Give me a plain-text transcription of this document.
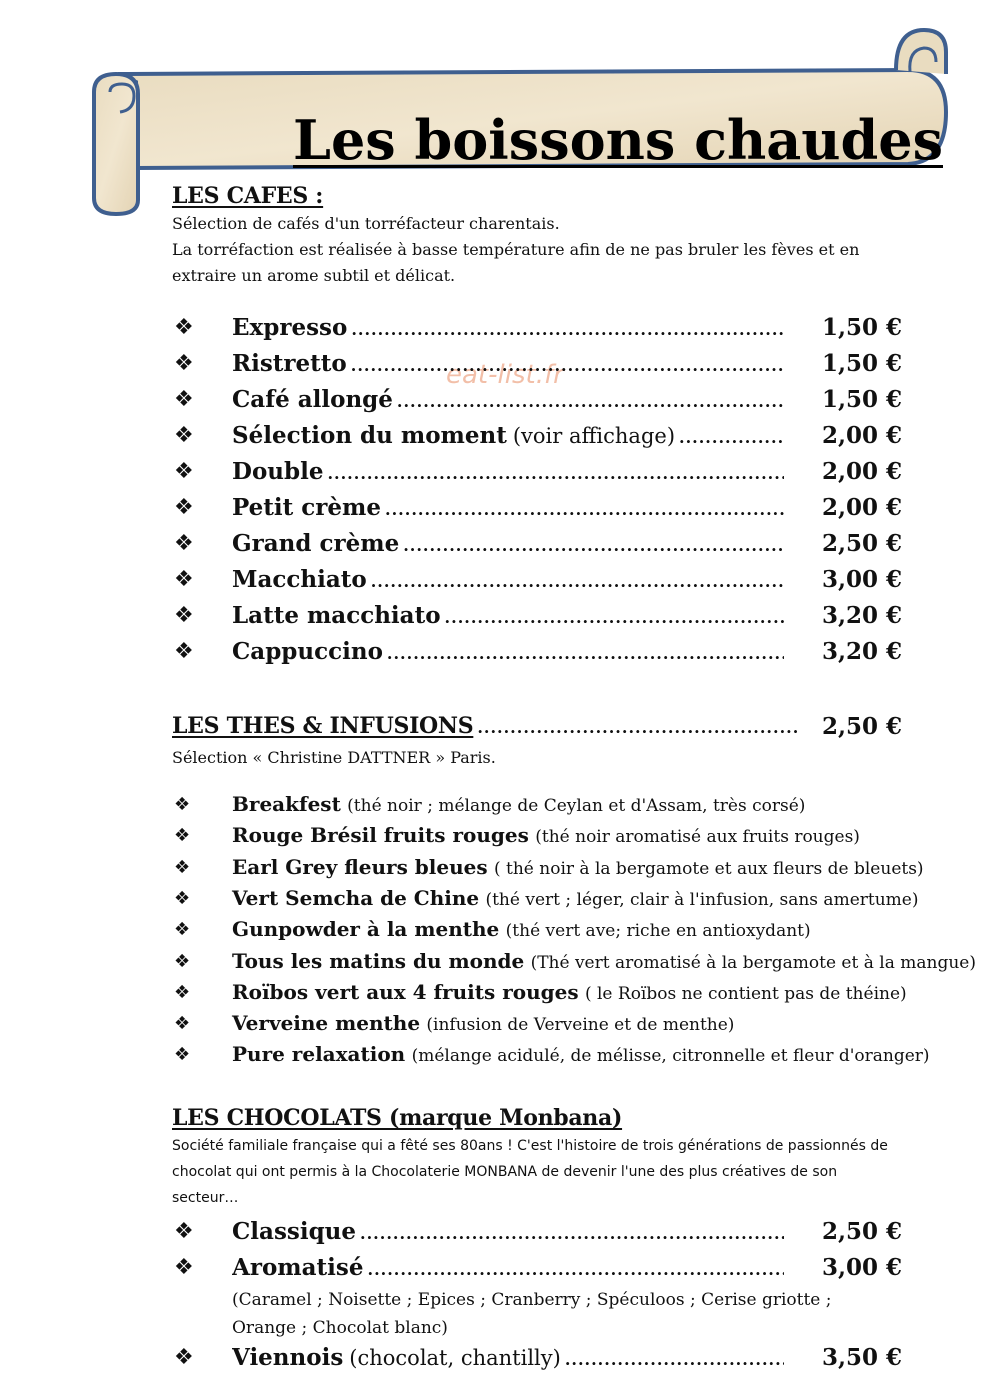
Les boissons chaudes
eat-list.fr
LES CAFES :
Sélection de cafés d'un torréfacteur charentais.
La torréfaction est réalisée à basse température afin de ne pas bruler les fèves et en
extraire un arome subtil et délicat.
❖ Expresso .....	1,50 €
❖ Ristretto .....	1,50 €
❖ Café allongé .....	1,50 €
❖ Sélection du moment (voir affichage) .....	2,00 €
❖ Double .....	2,00 €
❖ Petit crème .....	2,00 €
❖ Grand crème .....	2,50 €
❖ Macchiato .....	3,00 €
❖ Latte macchiato .....	3,20 €
❖ Cappuccino .....	3,20 €
LES THES & INFUSIONS .....	2,50 €
Sélection « Christine DATTNER » Paris.
❖ Breakfest (thé noir ; mélange de Ceylan et d'Assam, très corsé)
❖ Rouge Brésil fruits rouges (thé noir aromatisé aux fruits rouges)
❖ Earl Grey fleurs bleues ( thé noir à la bergamote et aux fleurs de bleuets)
❖ Vert Semcha de Chine (thé vert ; léger, clair à l'infusion, sans amertume)
❖ Gunpowder à la menthe (thé vert ave; riche en antioxydant)
❖ Tous les matins du monde (Thé vert aromatisé à la bergamote et à la mangue)
❖ Roïbos vert aux 4 fruits rouges ( le Roïbos ne contient pas de théine)
❖ Verveine menthe (infusion de Verveine et de menthe)
❖ Pure relaxation (mélange acidulé, de mélisse, citronnelle et fleur d'oranger)
LES CHOCOLATS (marque Monbana)
Société familiale française qui a fêté ses 80ans ! C'est l'histoire de trois générations de passionnés de
chocolat qui ont permis à la Chocolaterie MONBANA de devenir l'une des plus créatives de son
secteur…
❖ Classique .....	2,50 €
❖ Aromatisé .....	3,00 €
(Caramel ; Noisette ; Epices ; Cranberry ; Spéculoos ; Cerise griotte ;
Orange ; Chocolat blanc)
❖ Viennois (chocolat, chantilly) .....	3,50 €
